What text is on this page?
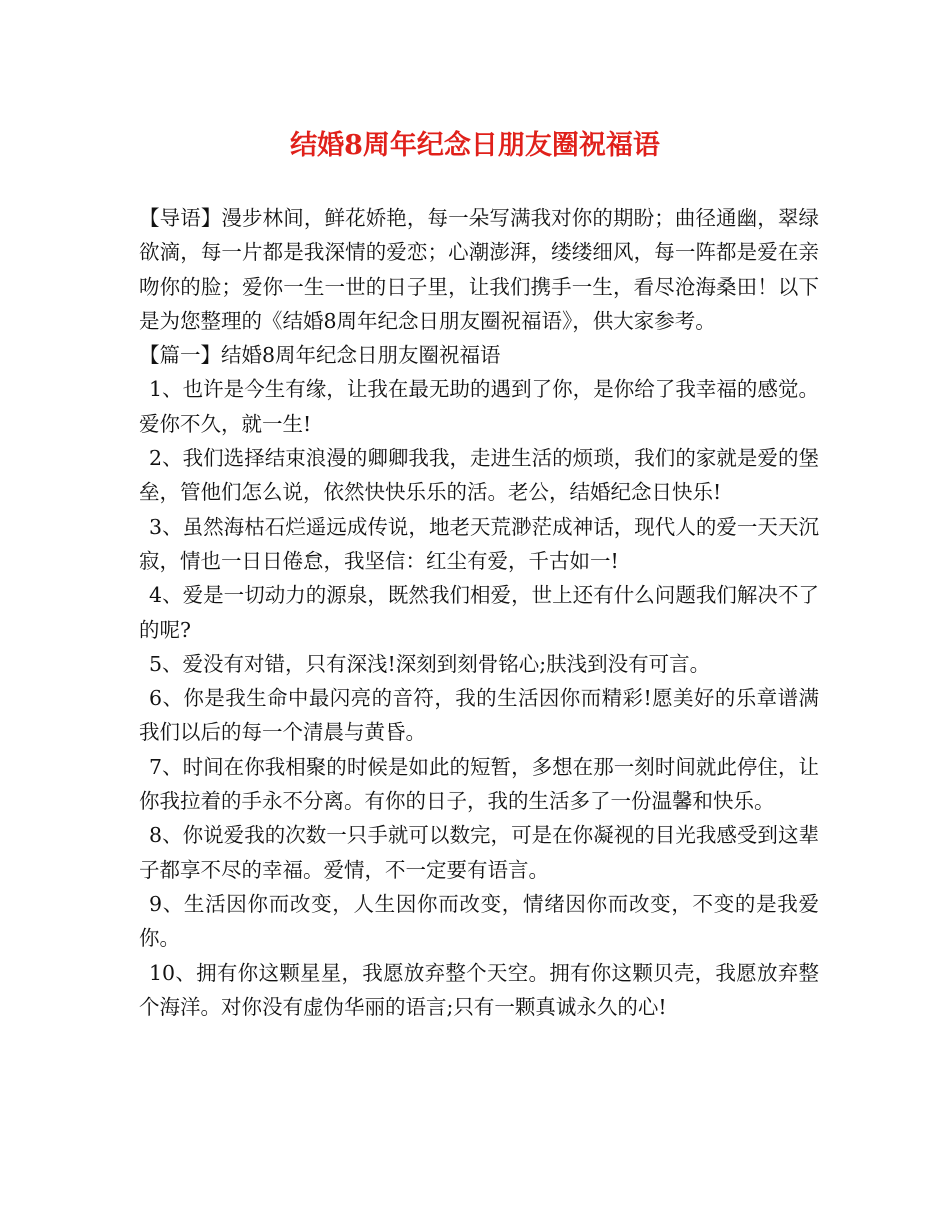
结婚8周年纪念日朋友圈祝福语

【导语】漫步林间，鲜花娇艳，每一朵写满我对你的期盼；曲径通幽，翠绿欲滴，每一片都是我深情的爱恋；心潮澎湃，缕缕细风，每一阵都是爱在亲吻你的脸；爱你一生一世的日子里，让我们携手一生，看尽沧海桑田！以下是为您整理的《结婚8周年纪念日朋友圈祝福语》，供大家参考。

【篇一】结婚8周年纪念日朋友圈祝福语

1、也许是今生有缘，让我在最无助的遇到了你，是你给了我幸福的感觉。爱你不久，就一生!

2、我们选择结束浪漫的卿卿我我，走进生活的烦琐，我们的家就是爱的堡垒，管他们怎么说，依然快快乐乐的活。老公，结婚纪念日快乐!

3、虽然海枯石烂遥远成传说，地老天荒渺茫成神话，现代人的爱一天天沉寂，情也一日日倦怠，我坚信：红尘有爱，千古如一!

4、爱是一切动力的源泉，既然我们相爱，世上还有什么问题我们解决不了的呢?

5、爱没有对错，只有深浅!深刻到刻骨铭心;肤浅到没有可言。

6、你是我生命中最闪亮的音符，我的生活因你而精彩!愿美好的乐章谱满我们以后的每一个清晨与黄昏。

7、时间在你我相聚的时候是如此的短暂，多想在那一刻时间就此停住，让你我拉着的手永不分离。有你的日子，我的生活多了一份温馨和快乐。

8、你说爱我的次数一只手就可以数完，可是在你凝视的目光我感受到这辈子都享不尽的幸福。爱情，不一定要有语言。

9、生活因你而改变，人生因你而改变，情绪因你而改变，不变的是我爱你。

10、拥有你这颗星星，我愿放弃整个天空。拥有你这颗贝壳，我愿放弃整个海洋。对你没有虚伪华丽的语言;只有一颗真诚永久的心!
